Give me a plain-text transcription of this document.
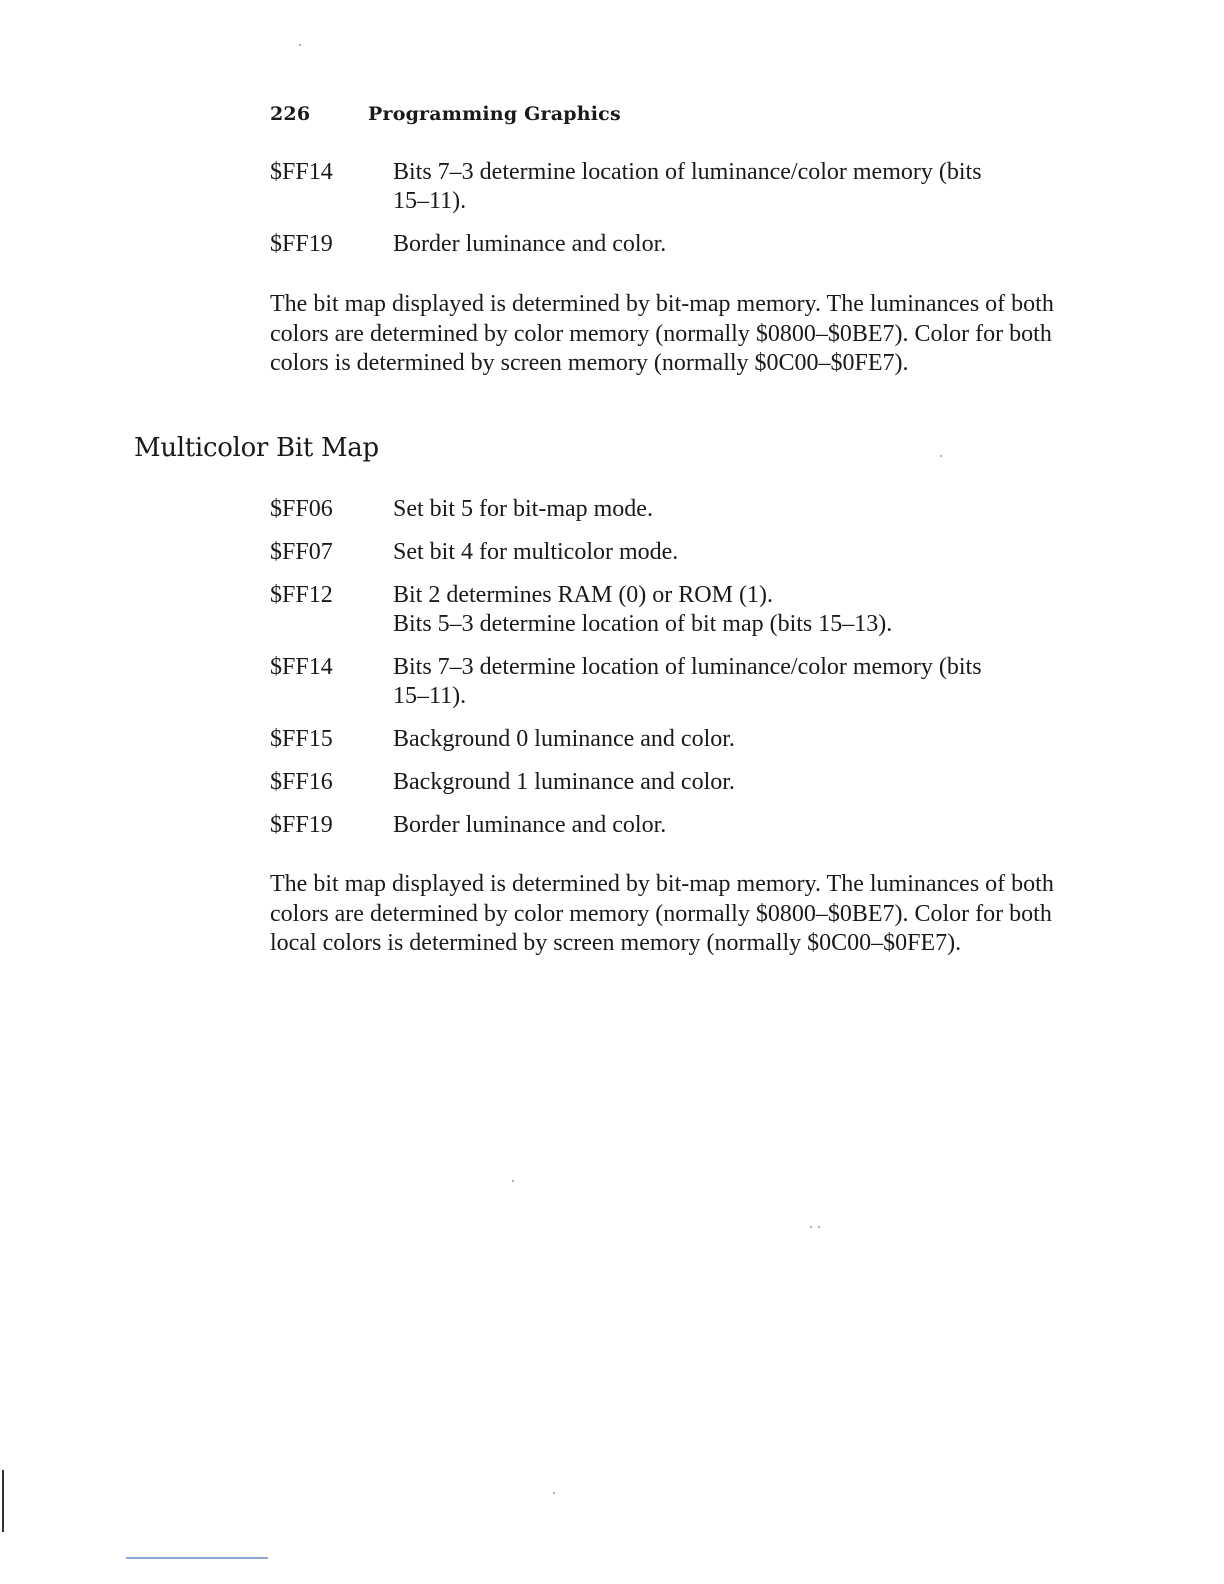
226	Programming Graphics
$FF14	Bits 7–3 determine location of luminance/color memory (bits
15–11).
$FF19	Border luminance and color.
The bit map displayed is determined by bit-map memory. The luminances of both
colors are determined by color memory (normally $0800–$0BE7). Color for both
colors is determined by screen memory (normally $0C00–$0FE7).
Multicolor Bit Map
$FF06	Set bit 5 for bit-map mode.
$FF07	Set bit 4 for multicolor mode.
$FF12	Bit 2 determines RAM (0) or ROM (1).
Bits 5–3 determine location of bit map (bits 15–13).
$FF14	Bits 7–3 determine location of luminance/color memory (bits
15–11).
$FF15	Background 0 luminance and color.
$FF16	Background 1 luminance and color.
$FF19	Border luminance and color.
The bit map displayed is determined by bit-map memory. The luminances of both
colors are determined by color memory (normally $0800–$0BE7). Color for both
local colors is determined by screen memory (normally $0C00–$0FE7).
